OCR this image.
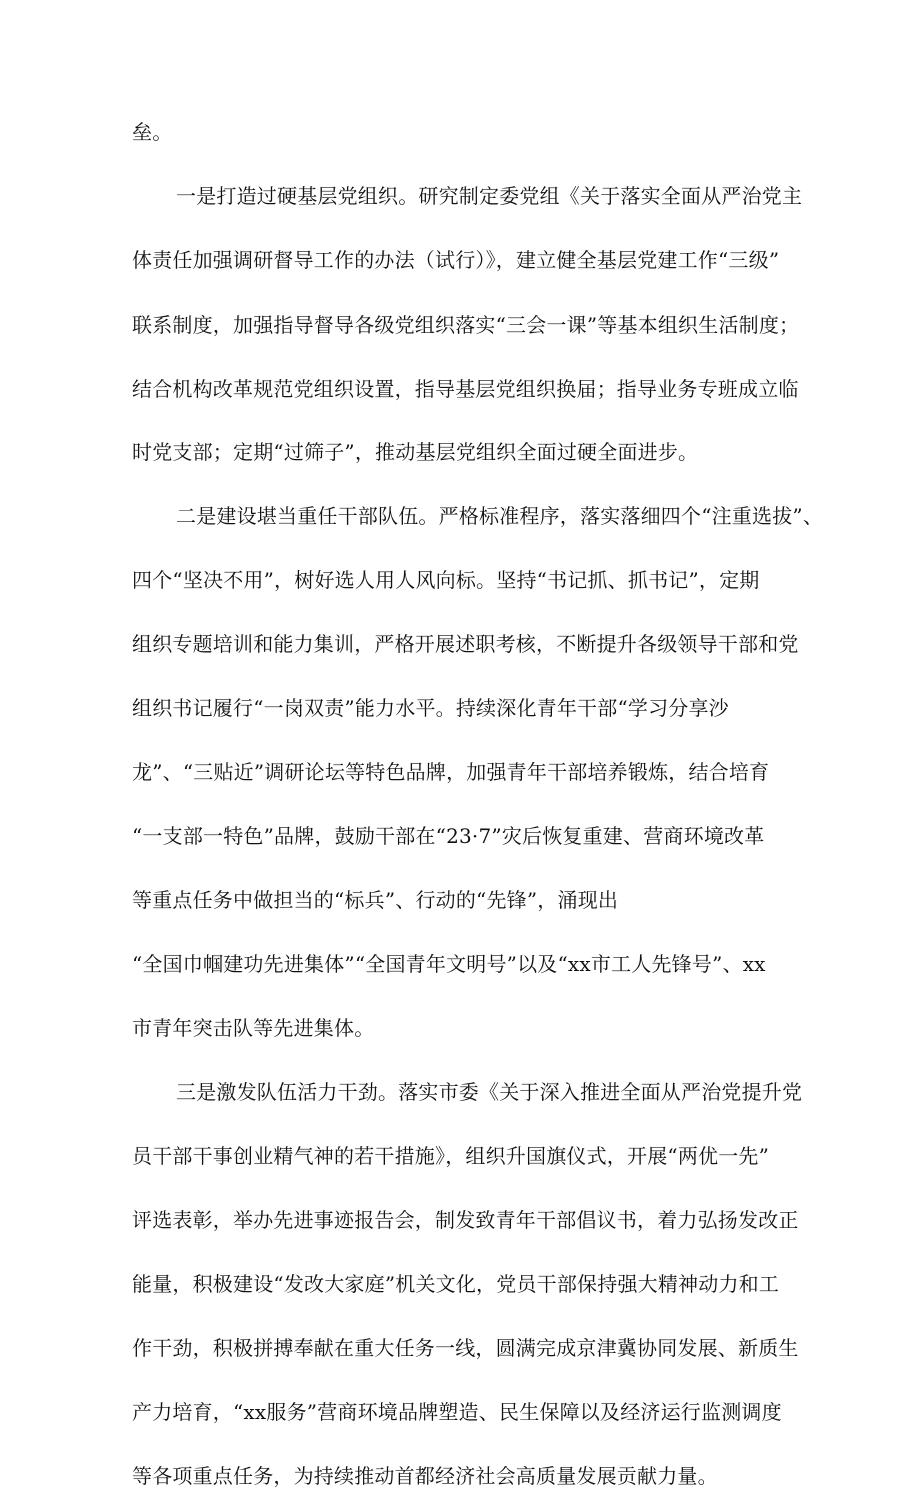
垒。
一是打造过硬基层党组织。研究制定委党组《关于落实全面从严治党主
体责任加强调研督导工作的办法（试行）》，建立健全基层党建工作“三级”
联系制度，加强指导督导各级党组织落实“三会一课”等基本组织生活制度；
结合机构改革规范党组织设置，指导基层党组织换届；指导业务专班成立临
时党支部；定期“过筛子”，推动基层党组织全面过硬全面进步。
二是建设堪当重任干部队伍。严格标准程序，落实落细四个“注重选拔”、
四个“坚决不用”，树好选人用人风向标。坚持“书记抓、抓书记”，定期
组织专题培训和能力集训，严格开展述职考核，不断提升各级领导干部和党
组织书记履行“一岗双责”能力水平。持续深化青年干部“学习分享沙
龙”、“三贴近”调研论坛等特色品牌，加强青年干部培养锻炼，结合培育
“一支部一特色”品牌，鼓励干部在“23·7”灾后恢复重建、营商环境改革
等重点任务中做担当的“标兵”、行动的“先锋”，涌现出
“全国巾帼建功先进集体”“全国青年文明号”以及“xx市工人先锋号”、xx
市青年突击队等先进集体。
三是激发队伍活力干劲。落实市委《关于深入推进全面从严治党提升党
员干部干事创业精气神的若干措施》，组织升国旗仪式，开展“两优一先”
评选表彰，举办先进事迹报告会，制发致青年干部倡议书，着力弘扬发改正
能量，积极建设“发改大家庭”机关文化，党员干部保持强大精神动力和工
作干劲，积极拼搏奉献在重大任务一线，圆满完成京津冀协同发展、新质生
产力培育，“xx服务”营商环境品牌塑造、民生保障以及经济运行监测调度
等各项重点任务，为持续推动首都经济社会高质量发展贡献力量。
